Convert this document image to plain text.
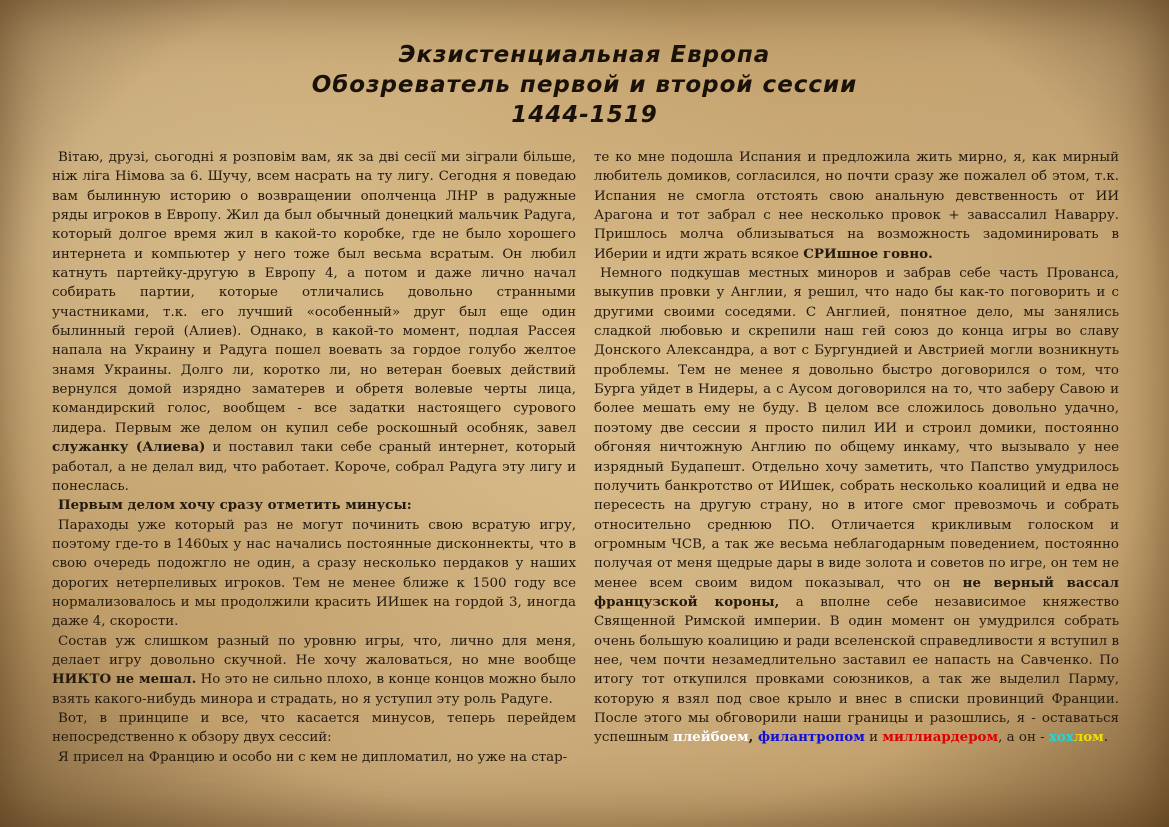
Экзистенциальная Европа
Обозреватель первой и второй сессии
1444-1519

Вітаю, друзі, сьогодні я розповім вам, як за дві сесії ми зіграли більше, ніж ліга Німова за 6. Шучу, всем насрать на ту лигу. Сегодня я поведаю вам былинную историю о возвращении ополченца ЛНР в радужные ряды игроков в Европу. Жил да был обычный донецкий мальчик Радуга, который долгое время жил в какой-то коробке, где не было хорошего интернета и компьютер у него тоже был весьма всратым. Он любил катнуть партейку-другую в Европу 4, а потом и даже лично начал собирать партии, которые отличались довольно странными участниками, т.к. его лучший «особенный» друг был еще один былинный герой (Алиев). Однако, в какой-то момент, подлая Рассея напала на Украину и Радуга пошел воевать за гордое голубо желтое знамя Украины. Долго ли, коротко ли, но ветеран боевых действий вернулся домой изрядно заматерев и обретя волевые черты лица, командирский голос, вообщем - все задатки настоящего сурового лидера. Первым же делом он купил себе роскошный особняк, завел служанку (Алиева) и поставил таки себе сраный интернет, который работал, а не делал вид, что работает. Короче, собрал Радуга эту лигу и понеслась.

Первым делом хочу сразу отметить минусы:

Параходы уже который раз не могут починить свою всратую игру, поэтому где-то в 1460ых у нас начались постоянные дисконнекты, что в свою очередь подожгло не один, а сразу несколько пердаков у наших дорогих нетерпеливых игроков. Тем не менее ближе к 1500 году все нормализовалось и мы продолжили красить ИИшек на гордой 3, иногда даже 4, скорости.

Состав уж слишком разный по уровню игры, что, лично для меня, делает игру довольно скучной. Не хочу жаловаться, но мне вообще НИКТО не мешал. Но это не сильно плохо, в конце концов можно было взять какого-нибудь минора и страдать, но я уступил эту роль Радуге.

Вот, в принципе и все, что касается минусов, теперь перейдем непосредственно к обзору двух сессий:

Я присел на Францию и особо ни с кем не дипломатил, но уже на стар-

те ко мне подошла Испания и предложила жить мирно, я, как мирный любитель домиков, согласился, но почти сразу же пожалел об этом, т.к. Испания не смогла отстоять свою анальную девственность от ИИ Арагона и тот забрал с нее несколько провок + завассалил Наварру. Пришлось молча облизываться на возможность задоминировать в Иберии и идти жрать всякое СРИшное говно.

Немного подкушав местных миноров и забрав себе часть Прованса, выкупив провки у Англии, я решил, что надо бы как-то поговорить и с другими своими соседями. С Англией, понятное дело, мы занялись сладкой любовью и скрепили наш гей союз до конца игры во славу Донского Александра, а вот с Бургундией и Австрией могли возникнуть проблемы. Тем не менее я довольно быстро договорился о том, что Бурга уйдет в Нидеры, а с Аусом договорился на то, что заберу Савою и более мешать ему не буду. В целом все сложилось довольно удачно, поэтому две сессии я просто пилил ИИ и строил домики, постоянно обгоняя ничтожную Англию по общему инкаму, что вызывало у нее изрядный Будапешт. Отдельно хочу заметить, что Папство умудрилось получить банкротство от ИИшек, собрать несколько коалиций и едва не пересесть на другую страну, но в итоге смог превозмочь и собрать относительно среднюю ПО. Отличается крикливым голоском и огромным ЧСВ, а так же весьма неблагодарным поведением, постоянно получая от меня щедрые дары в виде золота и советов по игре, он тем не менее всем своим видом показывал, что он не верный вассал французской короны, а вполне себе независимое княжество Священной Римской империи. В один момент он умудрился собрать очень большую коалицию и ради вселенской справедливости я вступил в нее, чем почти незамедлительно заставил ее напасть на Савченко. По итогу тот откупился провками союзников, а так же выделил Парму, которую я взял под свое крыло и внес в списки провинций Франции. После этого мы обговорили наши границы и разошлись, я - оставаться успешным плейбоем, филантропом и миллиардером, а он - хохлом.
